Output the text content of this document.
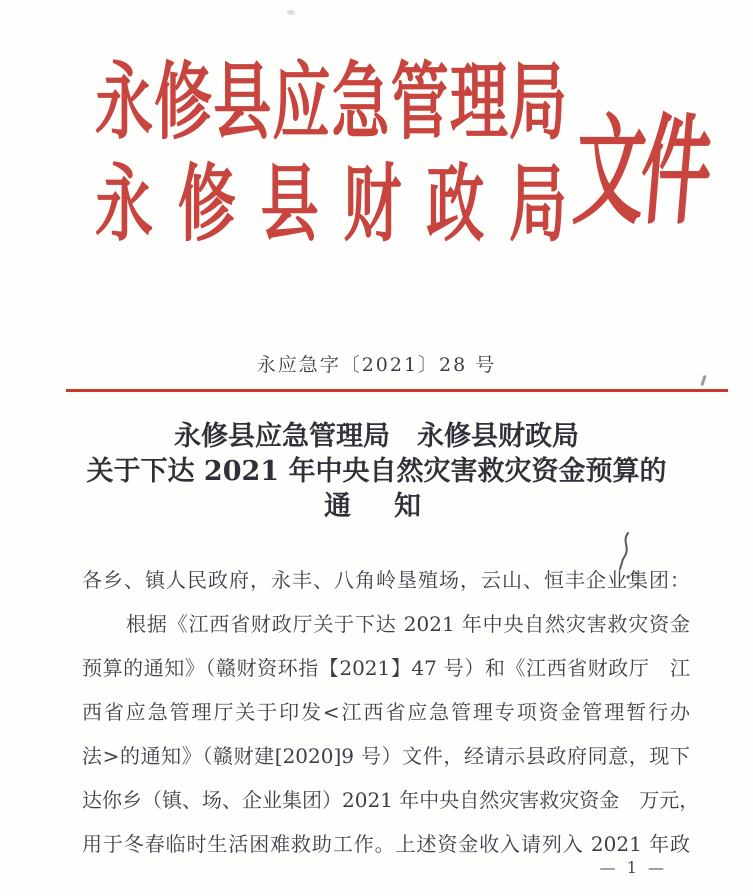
永修县应急管理局
永修县财政局 文件
永应急字〔2021〕28 号
永修县应急管理局　永修县财政局
关于下达 2021 年中央自然灾害救灾资金预算的
通　知
各乡、镇人民政府，永丰、八角岭垦殖场，云山、恒丰企业集团：
根据《江西省财政厅关于下达 2021 年中央自然灾害救灾资金
预算的通知》（赣财资环指【2021】47 号）和《江西省财政厅　江
西省应急管理厅关于印发<江西省应急管理专项资金管理暂行办
法>的通知》（赣财建[2020]9 号）文件，经请示县政府同意，现下
达你乡（镇、场、企业集团）2021 年中央自然灾害救灾资金　万元，
用于冬春临时生活困难救助工作。上述资金收入请列入 2021 年政
— 1 —
